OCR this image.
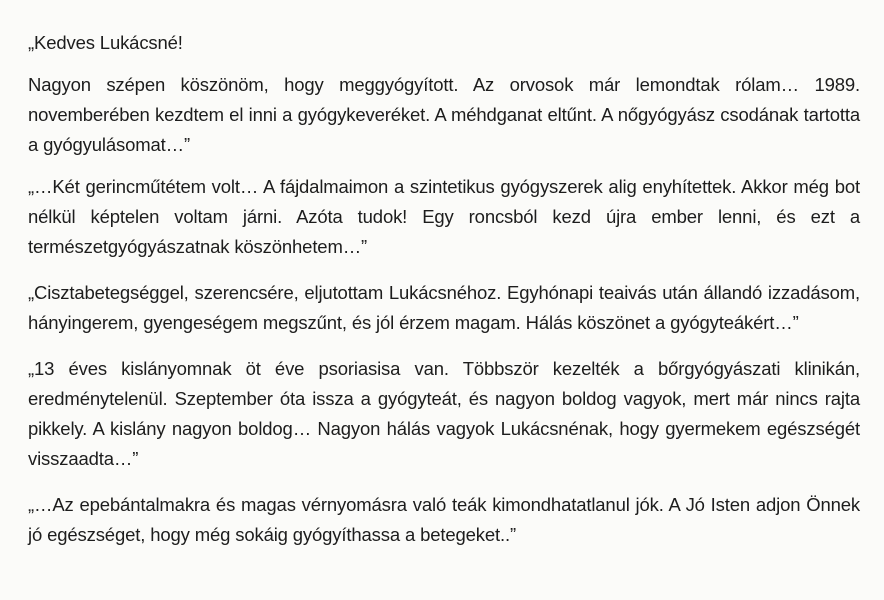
„Kedves Lukácsné!

Nagyon szépen köszönöm, hogy meggyógyított. Az orvosok már lemondtak rólam… 1989. novemberében kezdtem el inni a gyógykeveréket. A méhdganat eltűnt. A nőgyógyász csodának tartotta a gyógyulásomat…”

„…Két gerincműtétem volt… A fájdalmaimon a szintetikus gyógyszerek alig enyhítettek. Akkor még bot nélkül képtelen voltam járni. Azóta tudok! Egy roncsból kezd újra ember lenni, és ezt a természetgyógyászatnak köszönhetem…”

„Cisztabetegséggel, szerencsére, eljutottam Lukácsnéhoz. Egyhónapi teaivás után állandó izzadásom, hányingerem, gyengeségem megszűnt, és jól érzem magam. Hálás köszönet a gyógyteákért…”

„13 éves kislányomnak öt éve psoriasisa van. Többször kezelték a bőrgyógyászati klinikán, eredménytelenül. Szeptember óta issza a gyógyteát, és nagyon boldog vagyok, mert már nincs rajta pikkely. A kislány nagyon boldog… Nagyon hálás vagyok Lukácsnénak, hogy gyermekem egészségét visszaadta…”

„…Az epebántalmakra és magas vérnyomásra való teák kimondhatatlanul jók. A Jó Isten adjon Önnek jó egészséget, hogy még sokáig gyógyíthassa a betegeket..”
